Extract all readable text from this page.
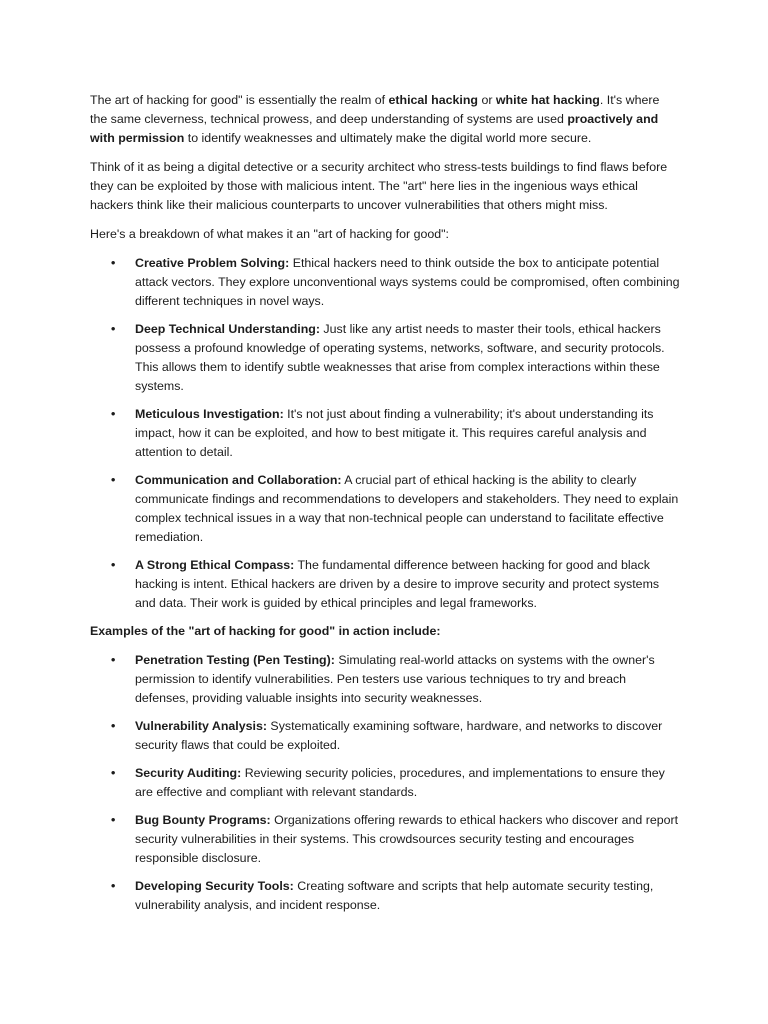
The art of hacking for good" is essentially the realm of ethical hacking or white hat hacking. It's where the same cleverness, technical prowess, and deep understanding of systems are used proactively and with permission to identify weaknesses and ultimately make the digital world more secure.

Think of it as being a digital detective or a security architect who stress-tests buildings to find flaws before they can be exploited by those with malicious intent. The "art" here lies in the ingenious ways ethical hackers think like their malicious counterparts to uncover vulnerabilities that others might miss.

Here's a breakdown of what makes it an "art of hacking for good":

• Creative Problem Solving: Ethical hackers need to think outside the box to anticipate potential attack vectors. They explore unconventional ways systems could be compromised, often combining different techniques in novel ways.
• Deep Technical Understanding: Just like any artist needs to master their tools, ethical hackers possess a profound knowledge of operating systems, networks, software, and security protocols. This allows them to identify subtle weaknesses that arise from complex interactions within these systems.
• Meticulous Investigation: It's not just about finding a vulnerability; it's about understanding its impact, how it can be exploited, and how to best mitigate it. This requires careful analysis and attention to detail.
• Communication and Collaboration: A crucial part of ethical hacking is the ability to clearly communicate findings and recommendations to developers and stakeholders. They need to explain complex technical issues in a way that non-technical people can understand to facilitate effective remediation.
• A Strong Ethical Compass: The fundamental difference between hacking for good and black hacking is intent. Ethical hackers are driven by a desire to improve security and protect systems and data. Their work is guided by ethical principles and legal frameworks.

Examples of the "art of hacking for good" in action include:

• Penetration Testing (Pen Testing): Simulating real-world attacks on systems with the owner's permission to identify vulnerabilities. Pen testers use various techniques to try and breach defenses, providing valuable insights into security weaknesses.
• Vulnerability Analysis: Systematically examining software, hardware, and networks to discover security flaws that could be exploited.
• Security Auditing: Reviewing security policies, procedures, and implementations to ensure they are effective and compliant with relevant standards.
• Bug Bounty Programs: Organizations offering rewards to ethical hackers who discover and report security vulnerabilities in their systems. This crowdsources security testing and encourages responsible disclosure.
• Developing Security Tools: Creating software and scripts that help automate security testing, vulnerability analysis, and incident response.
